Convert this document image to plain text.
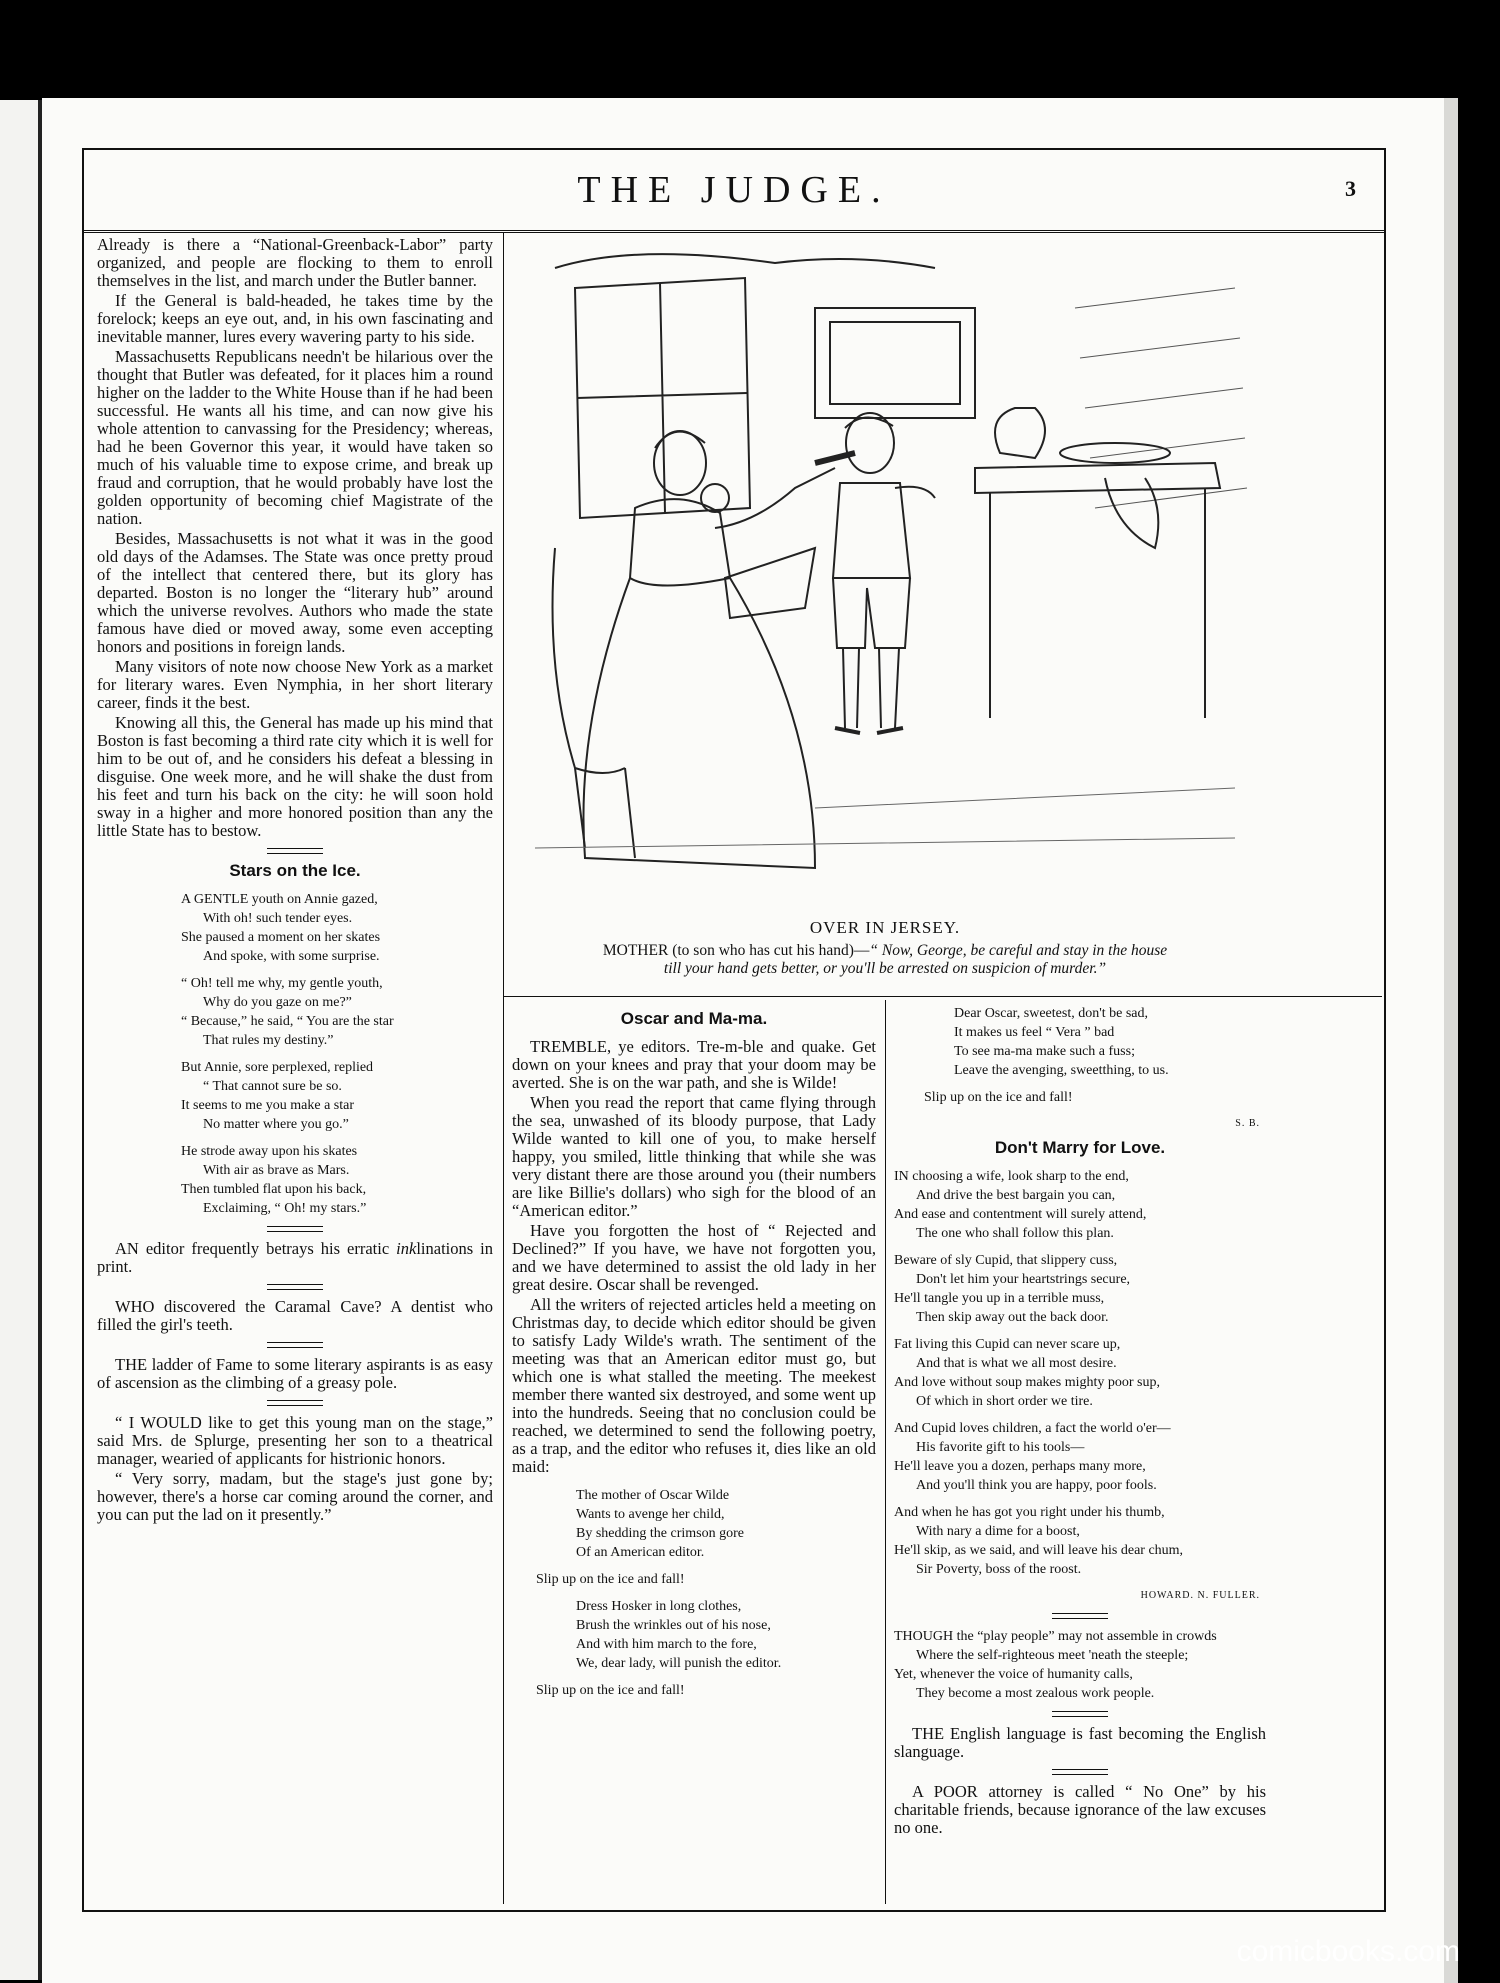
THE JUDGE.	3

Already is there a “National-Greenback-Labor” party organized, and people are flocking to them to enroll themselves in the list, and march under the Butler banner.

If the General is bald-headed, he takes time by the forelock; keeps an eye out, and, in his own fascinating and inevitable manner, lures every wavering party to his side.

Massachusetts Republicans needn't be hilarious over the thought that Butler was defeated, for it places him a round higher on the ladder to the White House than if he had been successful. He wants all his time, and can now give his whole attention to canvassing for the Presidency; whereas, had he been Governor this year, it would have taken so much of his valuable time to expose crime, and break up fraud and corruption, that he would probably have lost the golden opportunity of becoming chief Magistrate of the nation.

Besides, Massachusetts is not what it was in the good old days of the Adamses. The State was once pretty proud of the intellect that centered there, but its glory has departed. Boston is no longer the “literary hub” around which the universe revolves. Authors who made the state famous have died or moved away, some even accepting honors and positions in foreign lands.

Many visitors of note now choose New York as a market for literary wares. Even Nymphia, in her short literary career, finds it the best.

Knowing all this, the General has made up his mind that Boston is fast becoming a third rate city which it is well for him to be out of, and he considers his defeat a blessing in disguise. One week more, and he will shake the dust from his feet and turn his back on the city: he will soon hold sway in a higher and more honored position than any the little State has to bestow.

Stars on the Ice.
A GENTLE youth on Annie gazed,
With oh! such tender eyes.
She paused a moment on her skates
And spoke, with some surprise.
“ Oh! tell me why, my gentle youth,
Why do you gaze on me?”
“ Because,” he said, “ You are the star
That rules my destiny.”
But Annie, sore perplexed, replied
“ That cannot sure be so.
It seems to me you make a star
No matter where you go.”
He strode away upon his skates
With air as brave as Mars.
Then tumbled flat upon his back,
Exclaiming, “ Oh! my stars.”

AN editor frequently betrays his erratic inklinations in print.

WHO discovered the Caramal Cave? A dentist who filled the girl's teeth.

THE ladder of Fame to some literary aspirants is as easy of ascension as the climbing of a greasy pole.

“ I WOULD like to get this young man on the stage,” said Mrs. de Splurge, presenting her son to a theatrical manager, wearied of applicants for histrionic honors.

“ Very sorry, madam, but the stage's just gone by; however, there's a horse car coming around the corner, and you can put the lad on it presently.”

OVER IN JERSEY.
MOTHER (to son who has cut his hand)—“ Now, George, be careful and stay in the house
till your hand gets better, or you'll be arrested on suspicion of murder.”
Oscar and Ma-ma.

TREMBLE, ye editors. Tre-m-ble and quake. Get down on your knees and pray that your doom may be averted. She is on the war path, and she is Wilde!

When you read the report that came flying through the sea, unwashed of its bloody purpose, that Lady Wilde wanted to kill one of you, to make herself happy, you smiled, little thinking that while she was very distant there are those around you (their numbers are like Billie's dollars) who sigh for the blood of an “American editor.”

Have you forgotten the host of “ Rejected and Declined?” If you have, we have not forgotten you, and we have determined to assist the old lady in her great desire. Oscar shall be revenged.

All the writers of rejected articles held a meeting on Christmas day, to decide which editor should be given to satisfy Lady Wilde's wrath. The sentiment of the meeting was that an American editor must go, but which one is what stalled the meeting. The meekest member there wanted six destroyed, and some went up into the hundreds. Seeing that no conclusion could be reached, we determined to send the following poetry, as a trap, and the editor who refuses it, dies like an old maid:

The mother of Oscar Wilde
Wants to avenge her child,
By shedding the crimson gore
Of an American editor.
Slip up on the ice and fall!
Dress Hosker in long clothes,
Brush the wrinkles out of his nose,
And with him march to the fore,
We, dear lady, will punish the editor.
Slip up on the ice and fall!
Dear Oscar, sweetest, don't be sad,
It makes us feel “ Vera ” bad
To see ma-ma make such a fuss;
Leave the avenging, sweetthing, to us.
Slip up on the ice and fall!
S. B.
Don't Marry for Love.
IN choosing a wife, look sharp to the end,
And drive the best bargain you can,
And ease and contentment will surely attend,
The one who shall follow this plan.
Beware of sly Cupid, that slippery cuss,
Don't let him your heartstrings secure,
He'll tangle you up in a terrible muss,
Then skip away out the back door.
Fat living this Cupid can never scare up,
And that is what we all most desire.
And love without soup makes mighty poor sup,
Of which in short order we tire.
And Cupid loves children, a fact the world o'er—
His favorite gift to his tools—
He'll leave you a dozen, perhaps many more,
And you'll think you are happy, poor fools.
And when he has got you right under his thumb,
With nary a dime for a boost,
He'll skip, as we said, and will leave his dear chum,
Sir Poverty, boss of the roost.
HOWARD. N. FULLER.
THOUGH the “play people” may not assemble in crowds
Where the self-righteous meet 'neath the steeple;
Yet, whenever the voice of humanity calls,
They become a most zealous work people.

THE English language is fast becoming the English slanguage.

A POOR attorney is called “ No One” by his charitable friends, because ignorance of the law excuses no one.

comicbooks.com
